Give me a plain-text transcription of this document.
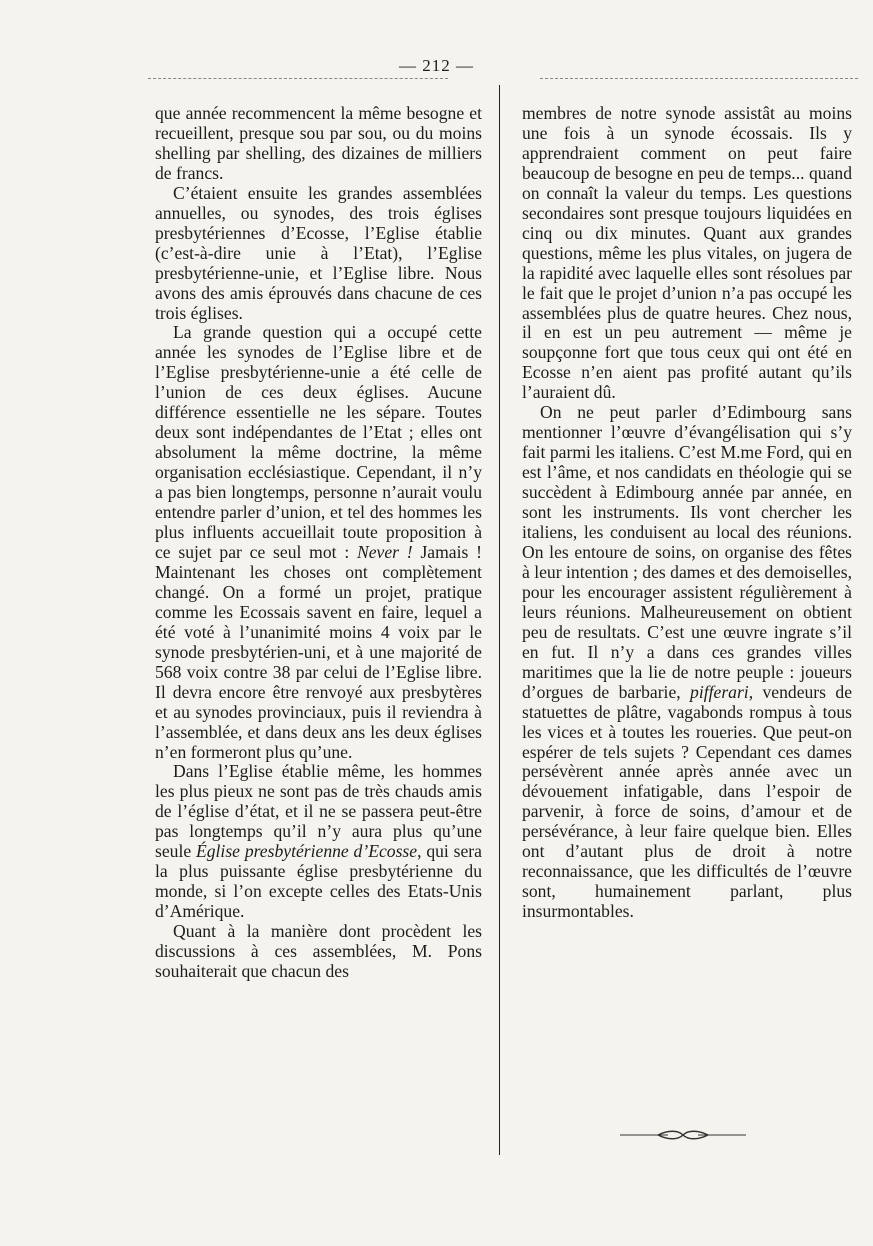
— 212 —

que année recommencent la même besogne et recueillent, presque sou par sou, ou du moins shelling par shelling, des dizaines de milliers de francs.

C’étaient ensuite les grandes assemblées annuelles, ou synodes, des trois églises presbytériennes d’Ecosse, l’Eglise établie (c’est-à-dire unie à l’Etat), l’Eglise presbytérienne-unie, et l’Eglise libre. Nous avons des amis éprouvés dans chacune de ces trois églises.

La grande question qui a occupé cette année les synodes de l’Eglise libre et de l’Eglise presbytérienne-unie a été celle de l’union de ces deux églises. Aucune différence essentielle ne les sépare. Toutes deux sont indépendantes de l’Etat ; elles ont absolument la même doctrine, la même organisation ecclésiastique. Cependant, il n’y a pas bien longtemps, personne n’aurait voulu entendre parler d’union, et tel des hommes les plus influents accueillait toute proposition à ce sujet par ce seul mot : Never ! Jamais ! Maintenant les choses ont complètement changé. On a formé un projet, pratique comme les Ecossais savent en faire, lequel a été voté à l’unanimité moins 4 voix par le synode presbytérien-uni, et à une majorité de 568 voix contre 38 par celui de l’Eglise libre. Il devra encore être renvoyé aux presbytères et au synodes provinciaux, puis il reviendra à l’assemblée, et dans deux ans les deux églises n’en formeront plus qu’une.

Dans l’Eglise établie même, les hommes les plus pieux ne sont pas de très chauds amis de l’église d’état, et il ne se passera peut-être pas longtemps qu’il n’y aura plus qu’une seule Église presbytérienne d’Ecosse, qui sera la plus puissante église presbytérienne du monde, si l’on excepte celles des Etats-Unis d’Amérique.

Quant à la manière dont procèdent les discussions à ces assemblées, M. Pons souhaiterait que chacun des

membres de notre synode assistât au moins une fois à un synode écossais. Ils y apprendraient comment on peut faire beaucoup de besogne en peu de temps... quand on connaît la valeur du temps. Les questions secondaires sont presque toujours liquidées en cinq ou dix minutes. Quant aux grandes questions, même les plus vitales, on jugera de la rapidité avec laquelle elles sont résolues par le fait que le projet d’union n’a pas occupé les assemblées plus de quatre heures. Chez nous, il en est un peu autrement — même je soupçonne fort que tous ceux qui ont été en Ecosse n’en aient pas profité autant qu’ils l’auraient dû.

On ne peut parler d’Edimbourg sans mentionner l’œuvre d’évangélisation qui s’y fait parmi les italiens. C’est M.me Ford, qui en est l’âme, et nos candidats en théologie qui se succèdent à Edimbourg année par année, en sont les instruments. Ils vont chercher les italiens, les conduisent au local des réunions. On les entoure de soins, on organise des fêtes à leur intention ; des dames et des demoiselles, pour les encourager assistent régulièrement à leurs réunions. Malheureusement on obtient peu de resultats. C’est une œuvre ingrate s’il en fut. Il n’y a dans ces grandes villes maritimes que la lie de notre peuple : joueurs d’orgues de barbarie, pifferari, vendeurs de statuettes de plâtre, vagabonds rompus à tous les vices et à toutes les roueries. Que peut-on espérer de tels sujets ? Cependant ces dames persévèrent année après année avec un dévouement infatigable, dans l’espoir de parvenir, à force de soins, d’amour et de persévérance, à leur faire quelque bien. Elles ont d’autant plus de droit à notre reconnaissance, que les difficultés de l’œuvre sont, humainement parlant, plus insurmontables.
